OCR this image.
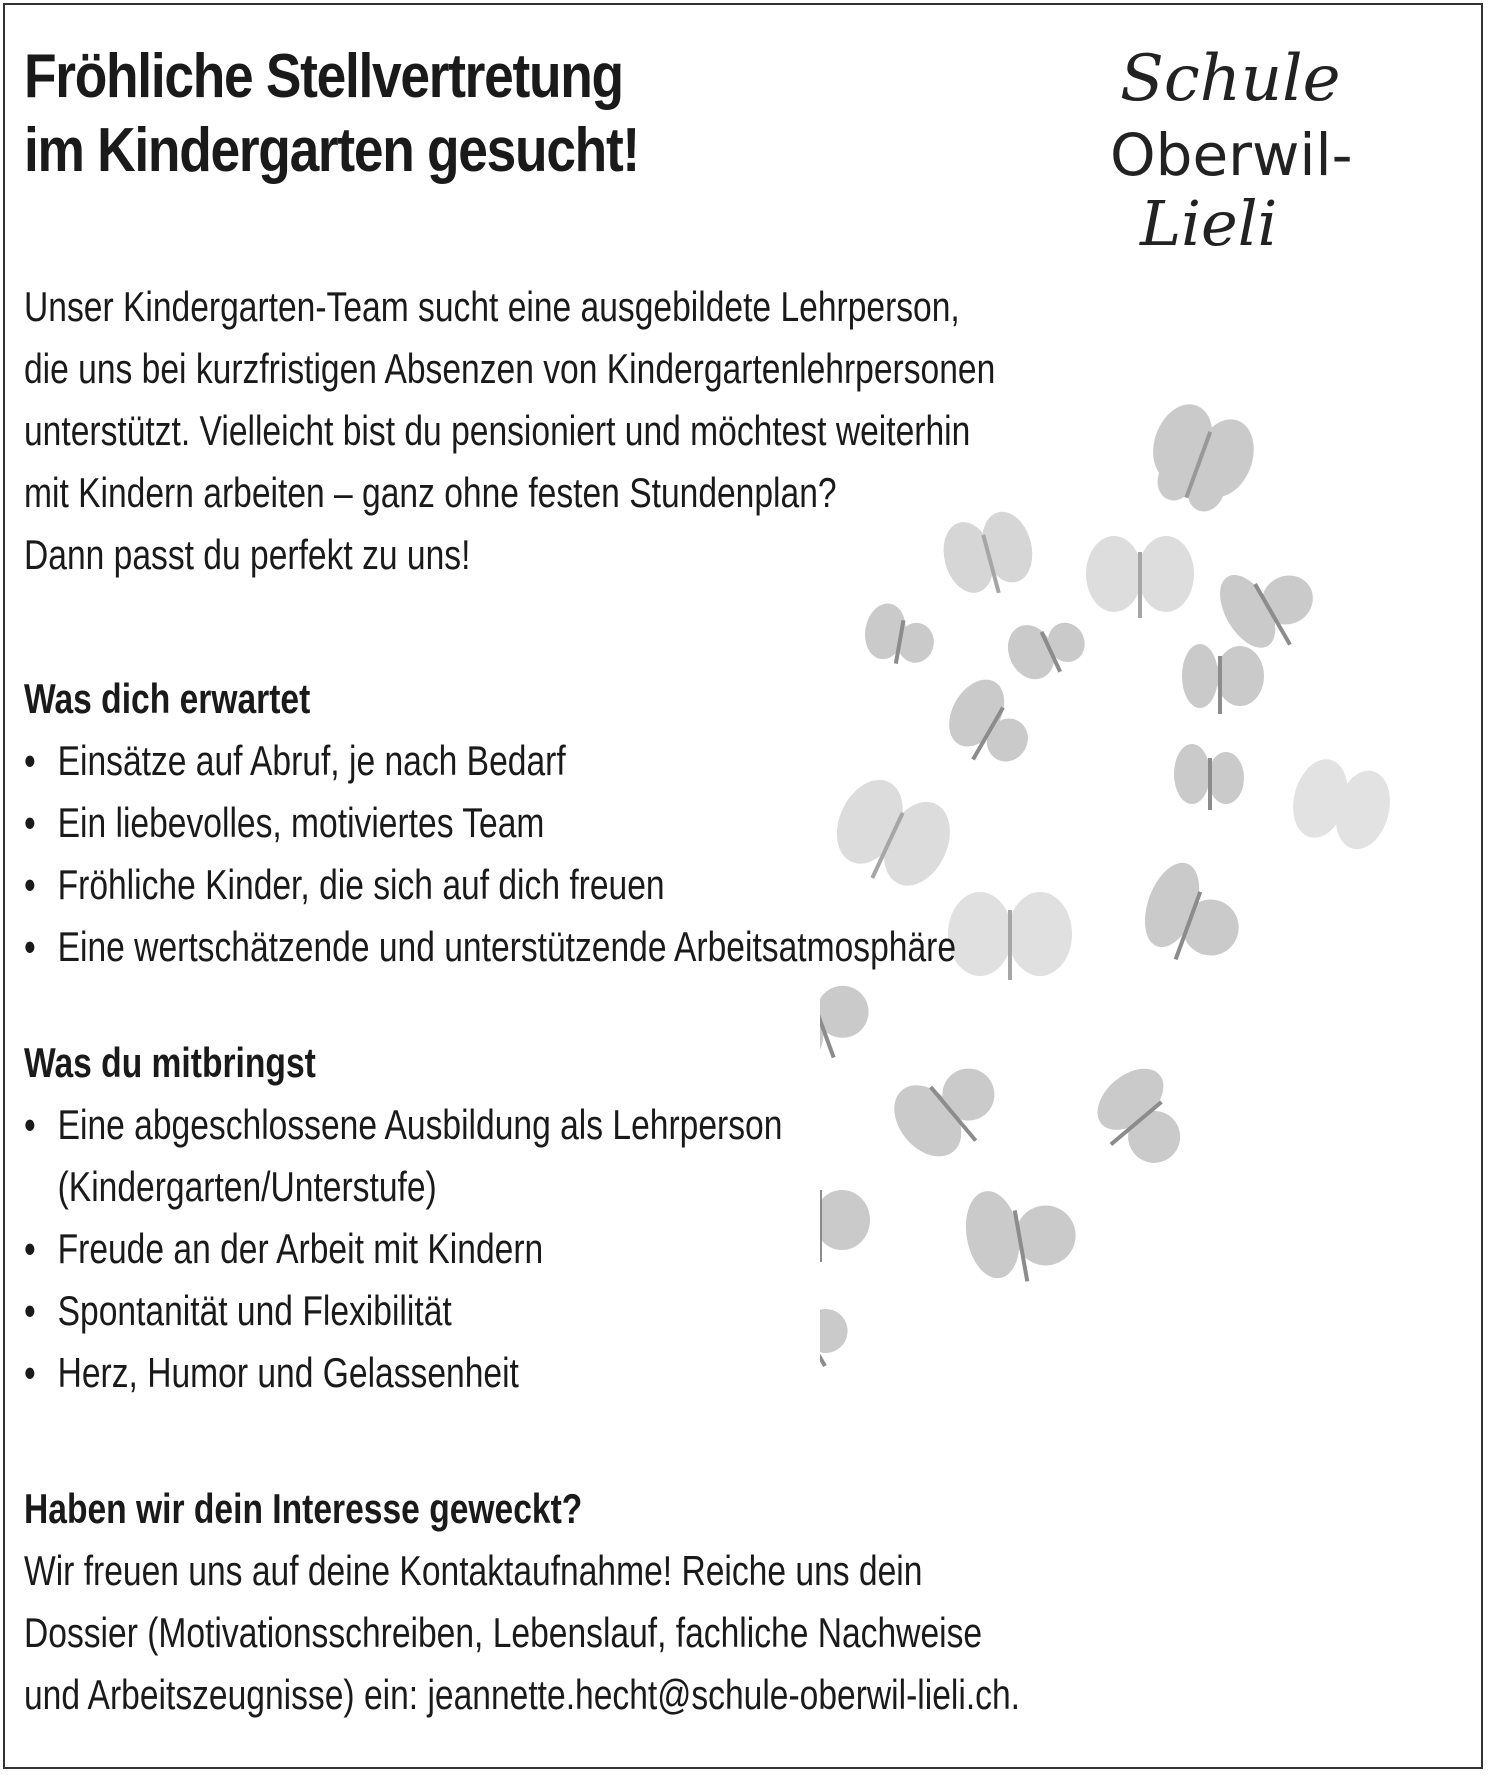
Fröhliche Stellvertretung
im Kindergarten gesucht!
Schule
Oberwil-
Lieli
Unser Kindergarten-Team sucht eine ausgebildete Lehrperson,
die uns bei kurzfristigen Absenzen von Kindergartenlehrpersonen
unterstützt. Vielleicht bist du pensioniert und möchtest weiterhin
mit Kindern arbeiten – ganz ohne festen Stundenplan?
Dann passt du perfekt zu uns!
Was dich erwartet
• Einsätze auf Abruf, je nach Bedarf
• Ein liebevolles, motiviertes Team
• Fröhliche Kinder, die sich auf dich freuen
• Eine wertschätzende und unterstützende Arbeitsatmosphäre
Was du mitbringst
• Eine abgeschlossene Ausbildung als Lehrperson
(Kindergarten/Unterstufe)
• Freude an der Arbeit mit Kindern
• Spontanität und Flexibilität
• Herz, Humor und Gelassenheit
Haben wir dein Interesse geweckt?
Wir freuen uns auf deine Kontaktaufnahme! Reiche uns dein
Dossier (Motivationsschreiben, Lebenslauf, fachliche Nachweise
und Arbeitszeugnisse) ein: jeannette.hecht@schule-oberwil-lieli.ch.
